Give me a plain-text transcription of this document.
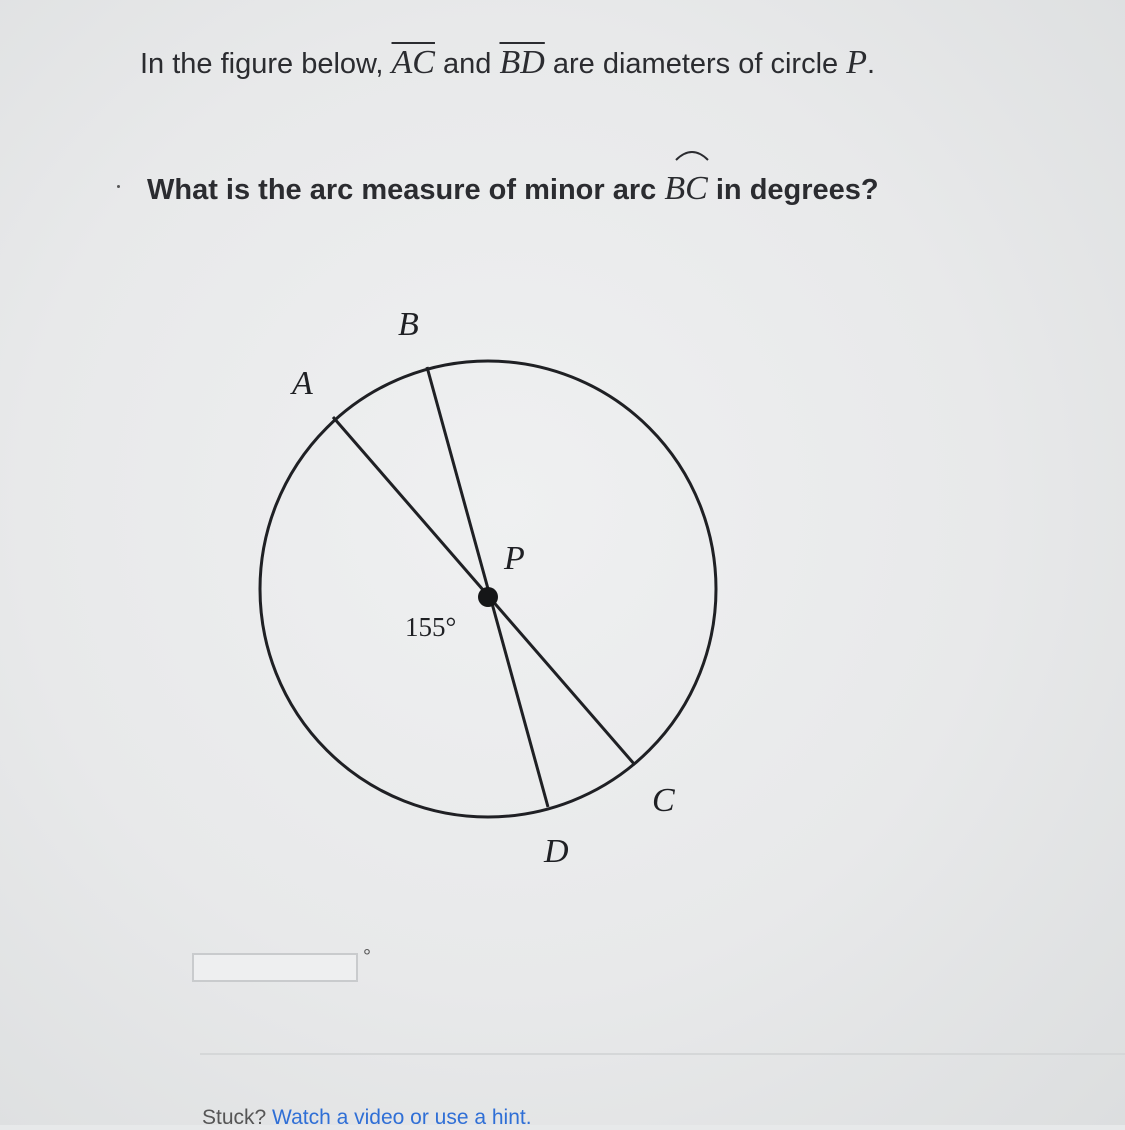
In the figure below, $\overline{AC}$ and $\overline{BD}$ are diameters of circle P.
What is the arc measure of minor arc BC in degrees?
A
B
C
D
P
155°
°
Stuck? Watch a video or use a hint.
